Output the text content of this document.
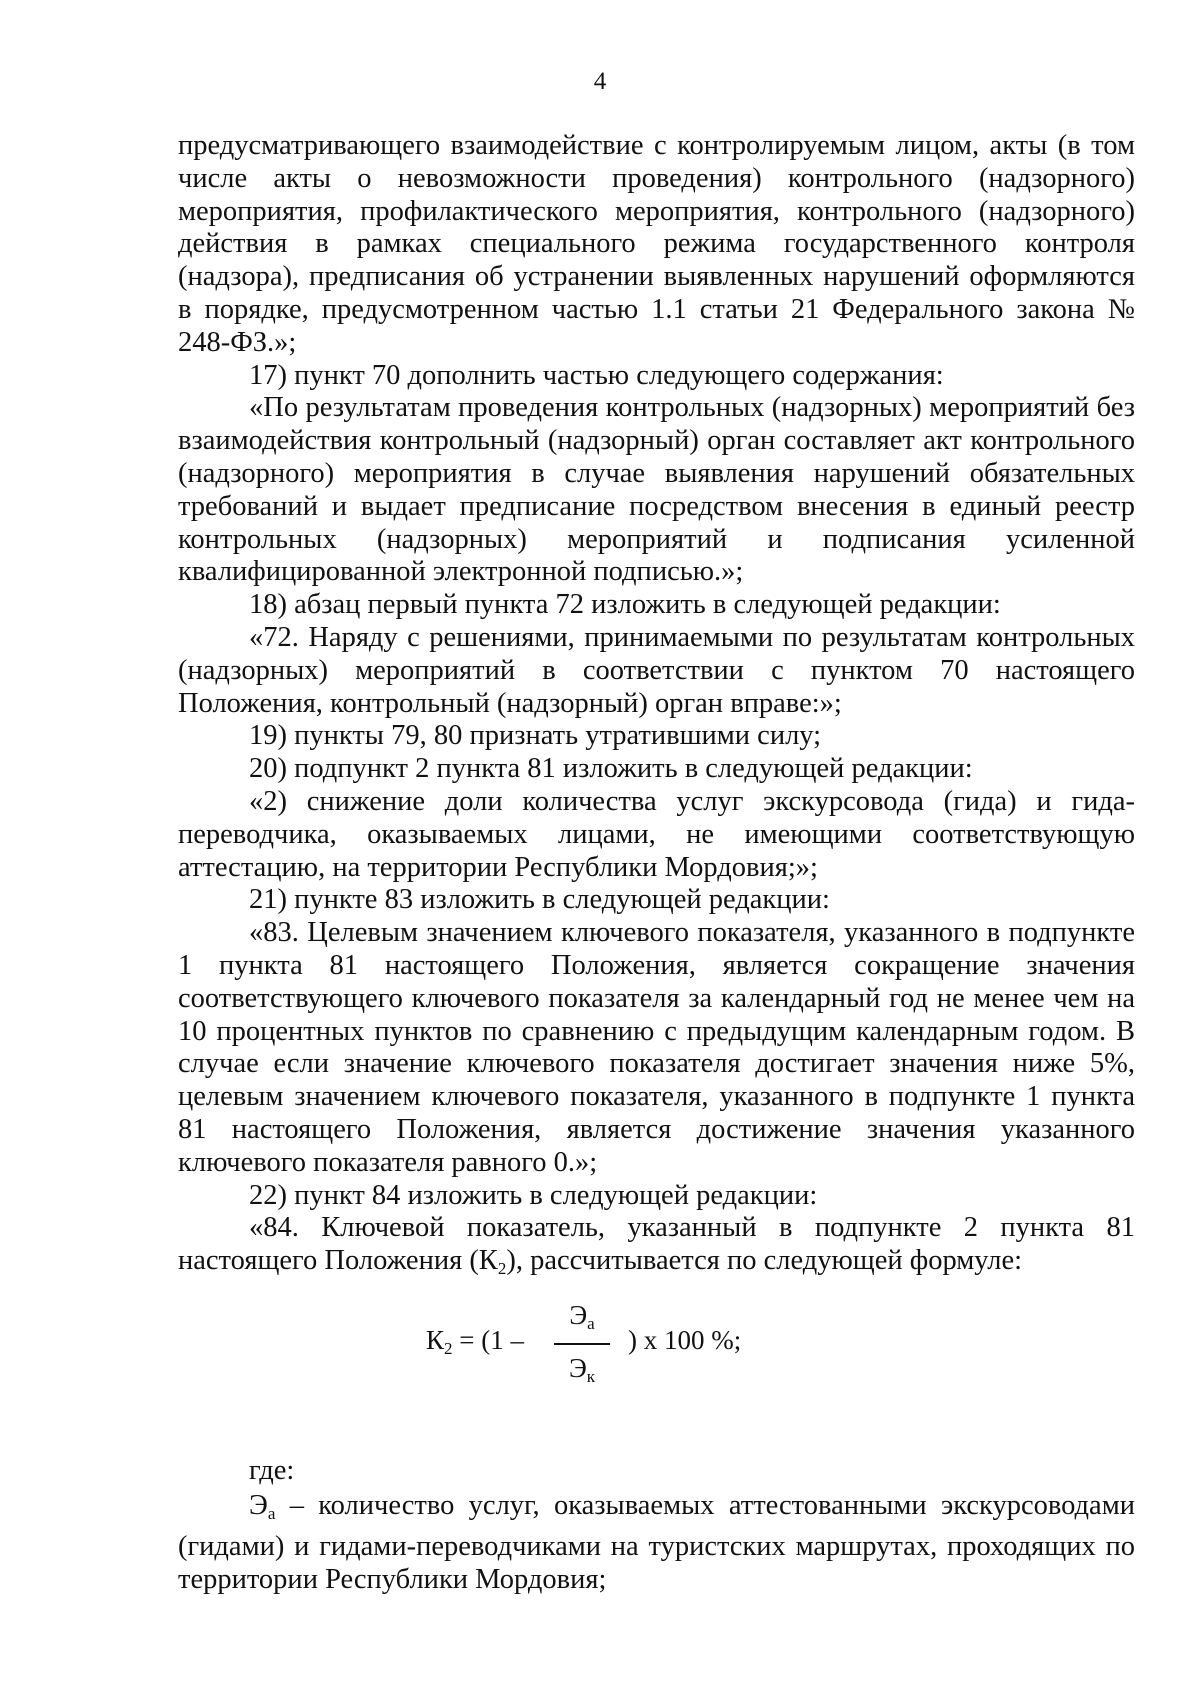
4

предусматривающего взаимодействие с контролируемым лицом, акты (в том числе акты о невозможности проведения) контрольного (надзорного) мероприятия, профилактического мероприятия, контрольного (надзорного) действия в рамках специального режима государственного контроля (надзора), предписания об устранении выявленных нарушений оформляются в порядке, предусмотренном частью 1.1 статьи 21 Федерального закона № 248-ФЗ.»;

17) пункт 70 дополнить частью следующего содержания:

«По результатам проведения контрольных (надзорных) мероприятий без взаимодействия контрольный (надзорный) орган составляет акт контрольного (надзорного) мероприятия в случае выявления нарушений обязательных требований и выдает предписание посредством внесения в единый реестр контрольных (надзорных) мероприятий и подписания усиленной квалифицированной электронной подписью.»;

18) абзац первый пункта 72 изложить в следующей редакции:

«72. Наряду с решениями, принимаемыми по результатам контрольных (надзорных) мероприятий в соответствии с пунктом 70 настоящего Положения, контрольный (надзорный) орган вправе:»;

19) пункты 79, 80 признать утратившими силу;

20) подпункт 2 пункта 81 изложить в следующей редакции:

«2) снижение доли количества услуг экскурсовода (гида) и гида-переводчика, оказываемых лицами, не имеющими соответствующую аттестацию, на территории Республики Мордовия;»;

21) пункте 83 изложить в следующей редакции:

«83. Целевым значением ключевого показателя, указанного в подпункте 1 пункта 81 настоящего Положения, является сокращение значения соответствующего ключевого показателя за календарный год не менее чем на 10 процентных пунктов по сравнению с предыдущим календарным годом. В случае если значение ключевого показателя достигает значения ниже 5%, целевым значением ключевого показателя, указанного в подпункте 1 пункта 81 настоящего Положения, является достижение значения указанного ключевого показателя равного 0.»;

22) пункт 84 изложить в следующей редакции:

«84. Ключевой показатель, указанный в подпункте 2 пункта 81 настоящего Положения $(К_2)$, рассчитывается по следующей формуле:

$К_2 = (1$ –
$Э_а$
$Э_к$
) х 100 %;
где:
$Э_а$ – количество услуг, оказываемых аттестованными экскурсоводами (гидами) и гидами-переводчиками на туристских маршрутах, проходящих по территории Республики Мордовия;
